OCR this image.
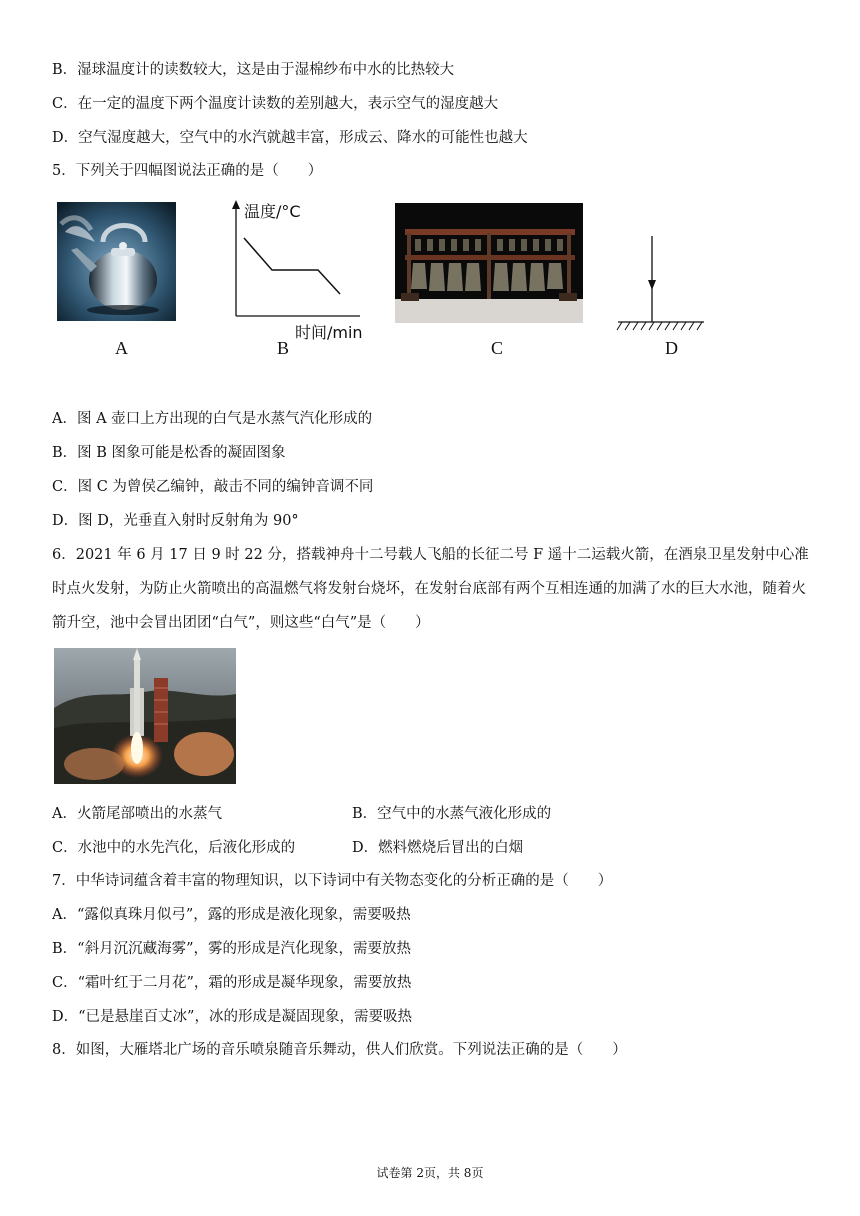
B．湿球温度计的读数较大，这是由于湿棉纱布中水的比热较大
C．在一定的温度下两个温度计读数的差别越大，表示空气的湿度越大
D．空气湿度越大，空气中的水汽就越丰富，形成云、降水的可能性也越大
5．下列关于四幅图说法正确的是（　　）
A
温度/°C
时间/min
B	C	D
A．图 A 壶口上方出现的白气是水蒸气汽化形成的
B．图 B 图象可能是松香的凝固图象
C．图 C 为曾侯乙编钟，敲击不同的编钟音调不同
D．图 D，光垂直入射时反射角为 90°
6．2021 年 6 月 17 日 9 时 22 分，搭载神舟十二号载人飞船的长征二号 F 遥十二运载火箭，在酒泉卫星发射中心准时点火发射，为防止火箭喷出的高温燃气将发射台烧坏，在发射台底部有两个互相连通的加满了水的巨大水池，随着火箭升空，池中会冒出团团“白气”，则这些“白气”是（　　）
A．火箭尾部喷出的水蒸气	B．空气中的水蒸气液化形成的
C．水池中的水先汽化，后液化形成的	D．燃料燃烧后冒出的白烟
7．中华诗词蕴含着丰富的物理知识，以下诗词中有关物态变化的分析正确的是（　　）
A．“露似真珠月似弓”，露的形成是液化现象，需要吸热
B．“斜月沉沉藏海雾”，雾的形成是汽化现象，需要放热
C．“霜叶红于二月花”，霜的形成是凝华现象，需要放热
D．“已是悬崖百丈冰”，冰的形成是凝固现象，需要吸热
8．如图，大雁塔北广场的音乐喷泉随音乐舞动，供人们欣赏。下列说法正确的是（　　）
试卷第 2页，共 8页
